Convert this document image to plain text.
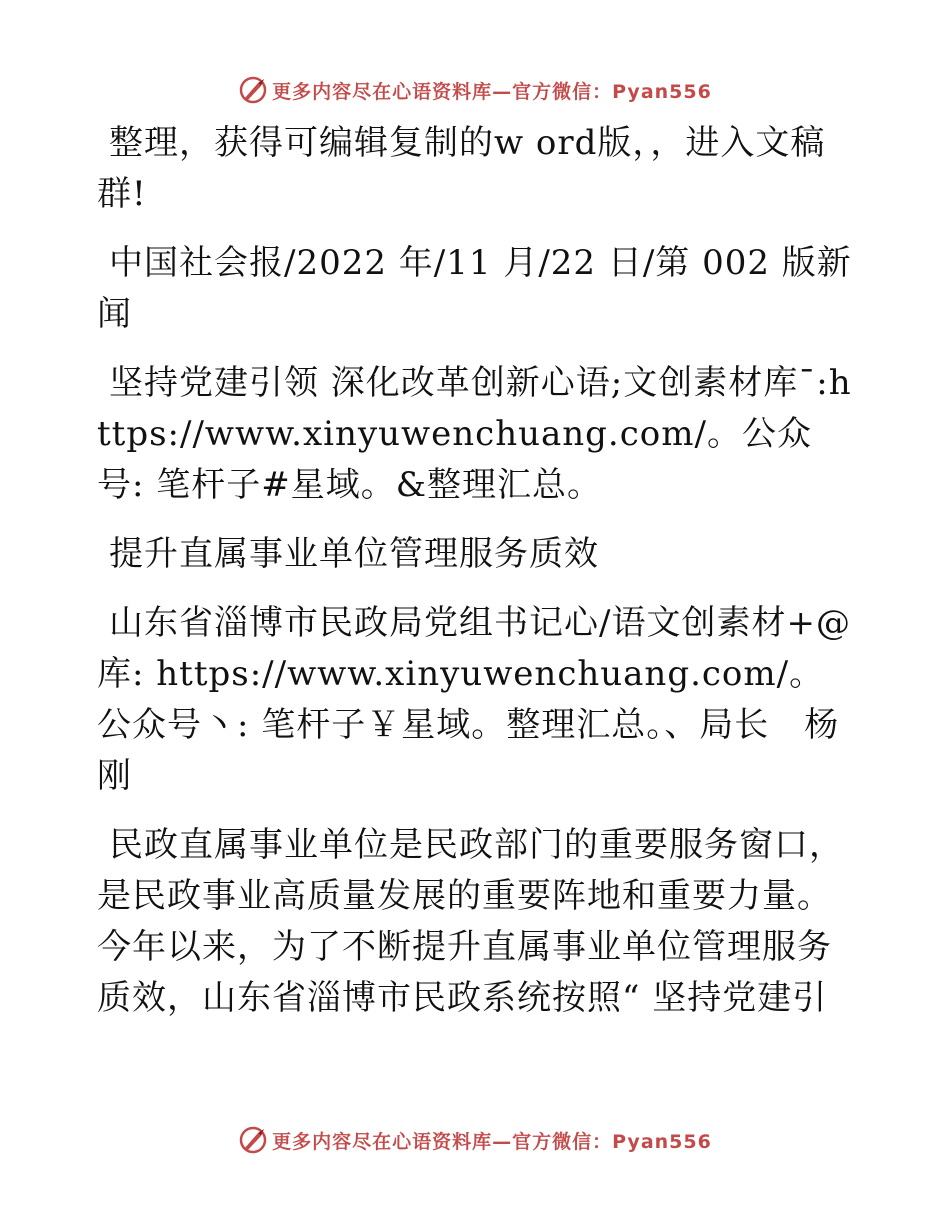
更多内容尽在心语资料库—官方微信：Pyan556

整理，获得可编辑复制的w ord版，，进入文稿群!

中国社会报/2022 年/11 月/22 日/第 002 版新闻

坚持党建引领 深化改革创新心语;文创素材库¯:https://www.xinyuwenchuang.com/。公众号: 笔杆子#星域。&整理汇总。

提升直属事业单位管理服务质效

山东省淄博市民政局党组书记心/语文创素材+@库: https://www.xinyuwenchuang.com/。公众号丶: 笔杆子￥星域。整理汇总。、局长　杨刚

民政直属事业单位是民政部门的重要服务窗口，是民政事业高质量发展的重要阵地和重要力量。今年以来，为了不断提升直属事业单位管理服务质效，山东省淄博市民政系统按照“ 坚持党建引

更多内容尽在心语资料库—官方微信：Pyan556
